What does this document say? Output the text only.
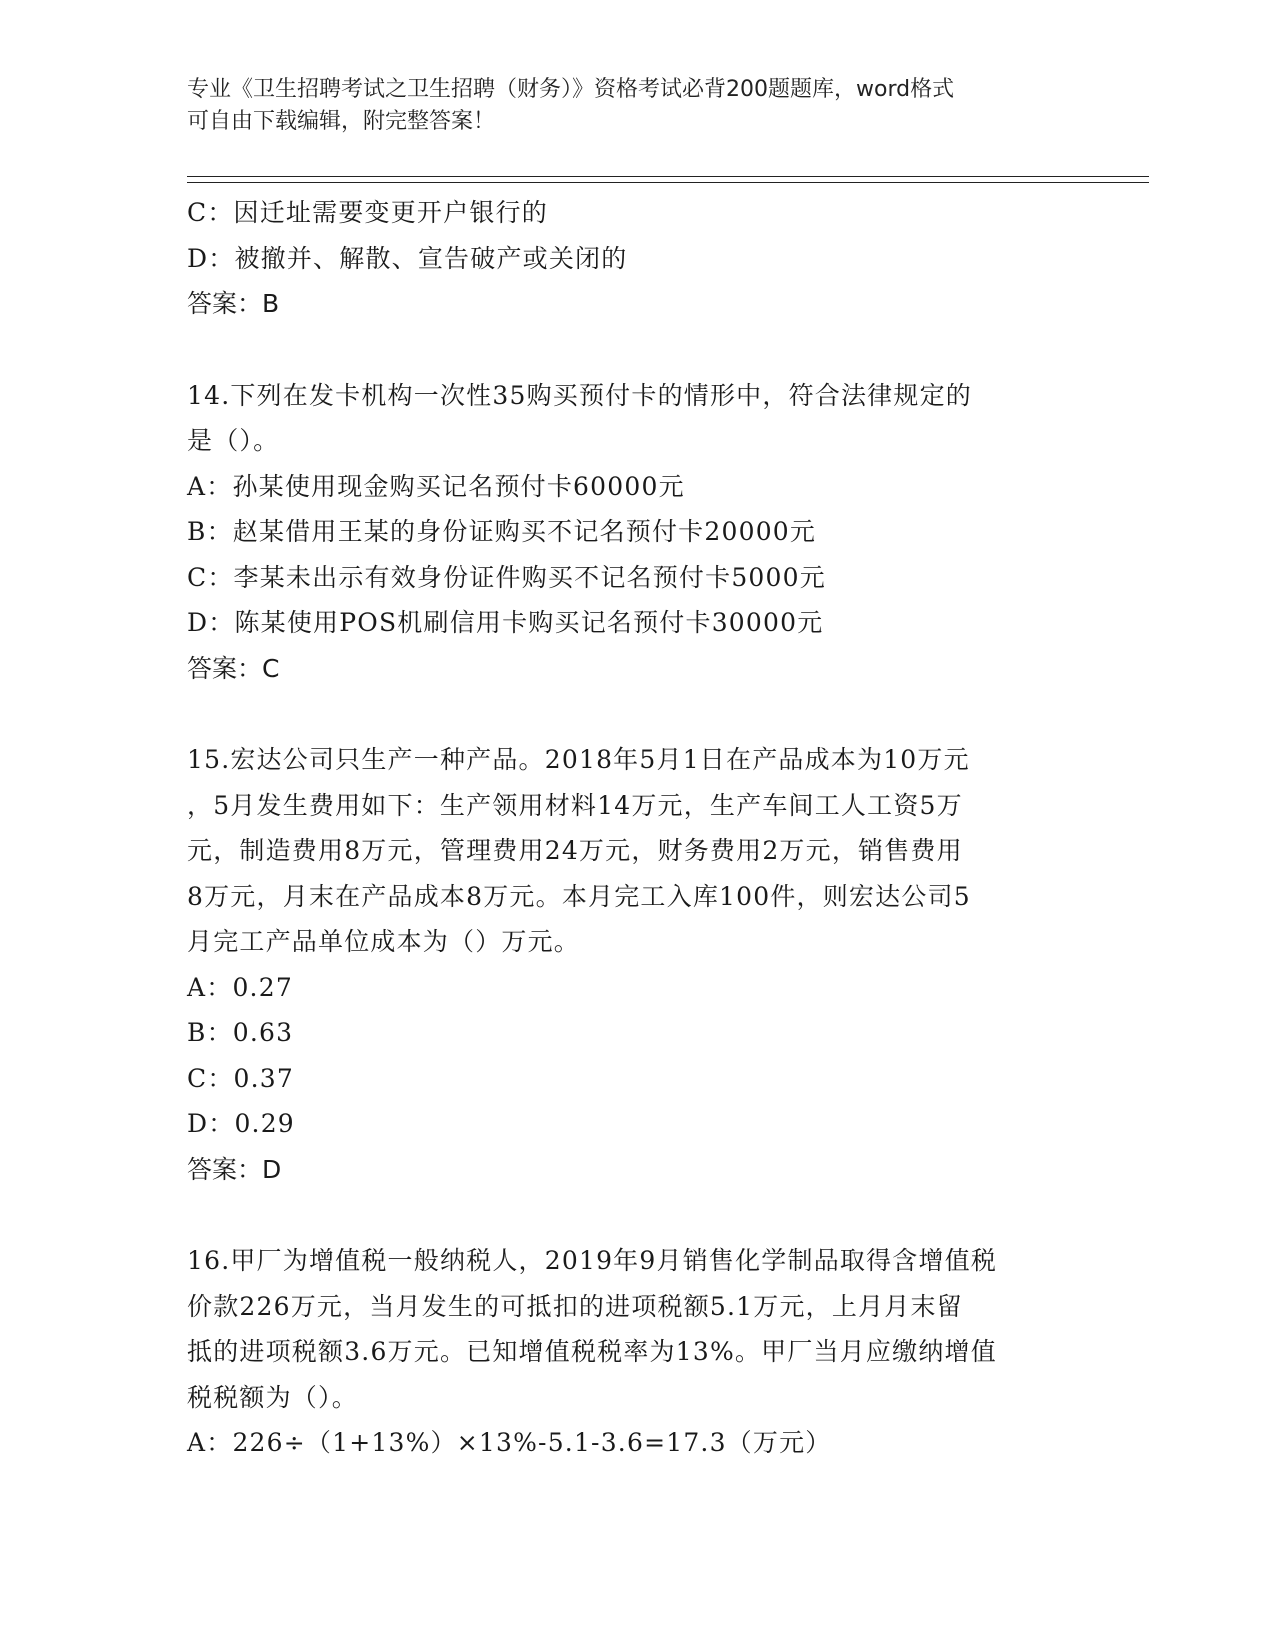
专业《卫生招聘考试之卫生招聘（财务）》资格考试必背200题题库，word格式
可自由下载编辑，附完整答案！
C：因迁址需要变更开户银行的
D：被撤并、解散、宣告破产或关闭的
答案：B
14.下列在发卡机构一次性35购买预付卡的情形中，符合法律规定的
是（）。
A：孙某使用现金购买记名预付卡60000元
B：赵某借用王某的身份证购买不记名预付卡20000元
C：李某未出示有效身份证件购买不记名预付卡5000元
D：陈某使用POS机刷信用卡购买记名预付卡30000元
答案：C
15.宏达公司只生产一种产品。2018年5月1日在产品成本为10万元
，5月发生费用如下：生产领用材料14万元，生产车间工人工资5万
元，制造费用8万元，管理费用24万元，财务费用2万元，销售费用
8万元，月末在产品成本8万元。本月完工入库100件，则宏达公司5
月完工产品单位成本为（）万元。
A：0.27
B：0.63
C：0.37
D：0.29
答案：D
16.甲厂为增值税一般纳税人，2019年9月销售化学制品取得含增值税
价款226万元，当月发生的可抵扣的进项税额5.1万元，上月月末留
抵的进项税额3.6万元。已知增值税税率为13%。甲厂当月应缴纳增值
税税额为（）。
A：226÷（1+13%）×13%-5.1-3.6=17.3（万元）
